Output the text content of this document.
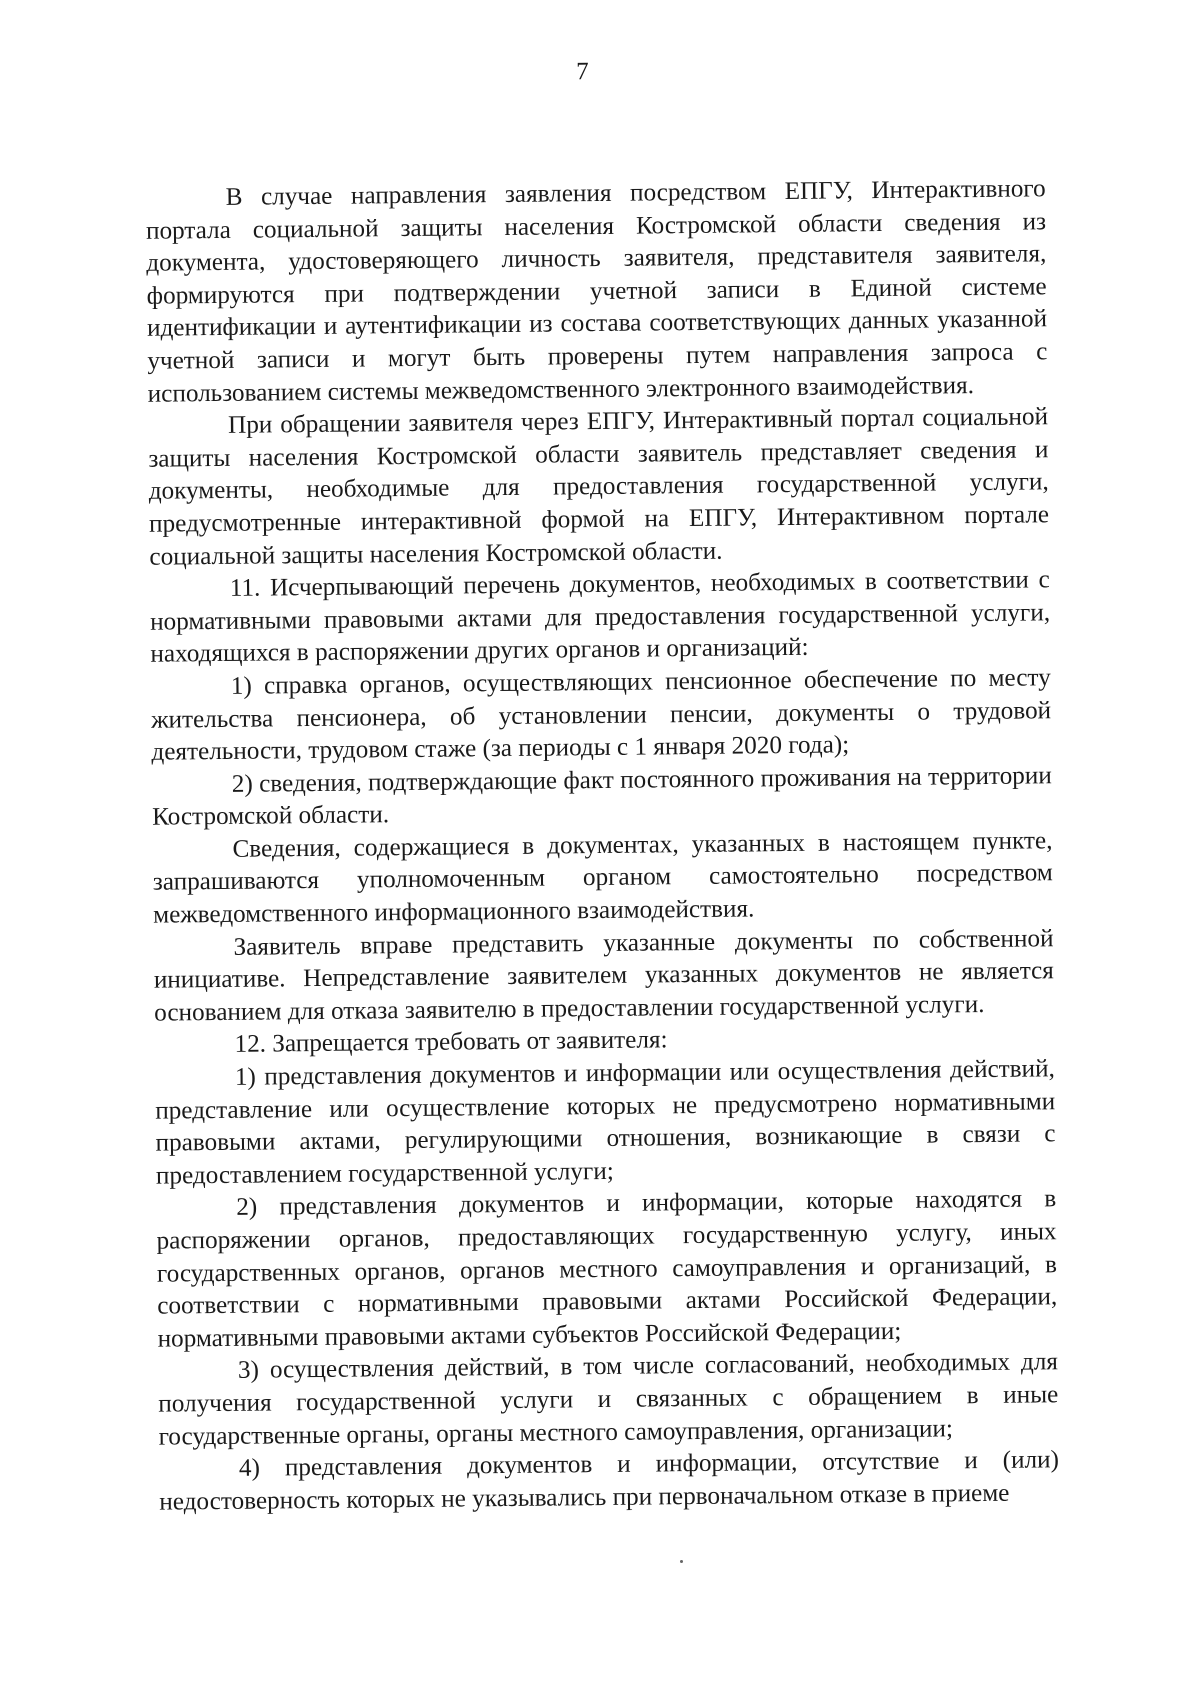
7

В случае направления заявления посредством ЕПГУ, Интерактивного портала социальной защиты населения Костромской области сведения из документа, удостоверяющего личность заявителя, представителя заявителя, формируются при подтверждении учетной записи в Единой системе идентификации и аутентификации из состава соответствующих данных указанной учетной записи и могут быть проверены путем направления запроса с использованием системы межведомственного электронного взаимодействия.

При обращении заявителя через ЕПГУ, Интерактивный портал социальной защиты населения Костромской области заявитель представляет сведения и документы, необходимые для предоставления государственной услуги, предусмотренные интерактивной формой на ЕПГУ, Интерактивном портале социальной защиты населения Костромской области.

11. Исчерпывающий перечень документов, необходимых в соответствии с нормативными правовыми актами для предоставления государственной услуги, находящихся в распоряжении других органов и организаций:

1) справка органов, осуществляющих пенсионное обеспечение по месту жительства пенсионера, об установлении пенсии, документы о трудовой деятельности, трудовом стаже (за периоды с 1 января 2020 года);

2) сведения, подтверждающие факт постоянного проживания на территории Костромской области.

Сведения, содержащиеся в документах, указанных в настоящем пункте, запрашиваются уполномоченным органом самостоятельно посредством межведомственного информационного взаимодействия.

Заявитель вправе представить указанные документы по собственной инициативе. Непредставление заявителем указанных документов не является основанием для отказа заявителю в предоставлении государственной услуги.

12. Запрещается требовать от заявителя:

1) представления документов и информации или осуществления действий, представление или осуществление которых не предусмотрено нормативными правовыми актами, регулирующими отношения, возникающие в связи с предоставлением государственной услуги;

2) представления документов и информации, которые находятся в распоряжении органов, предоставляющих государственную услугу, иных государственных органов, органов местного самоуправления и организаций, в соответствии с нормативными правовыми актами Российской Федерации, нормативными правовыми актами субъектов Российской Федерации;

3) осуществления действий, в том числе согласований, необходимых для получения государственной услуги и связанных с обращением в иные государственные органы, органы местного самоуправления, организации;

4) представления документов и информации, отсутствие и (или) недостоверность которых не указывались при первоначальном отказе в приеме
